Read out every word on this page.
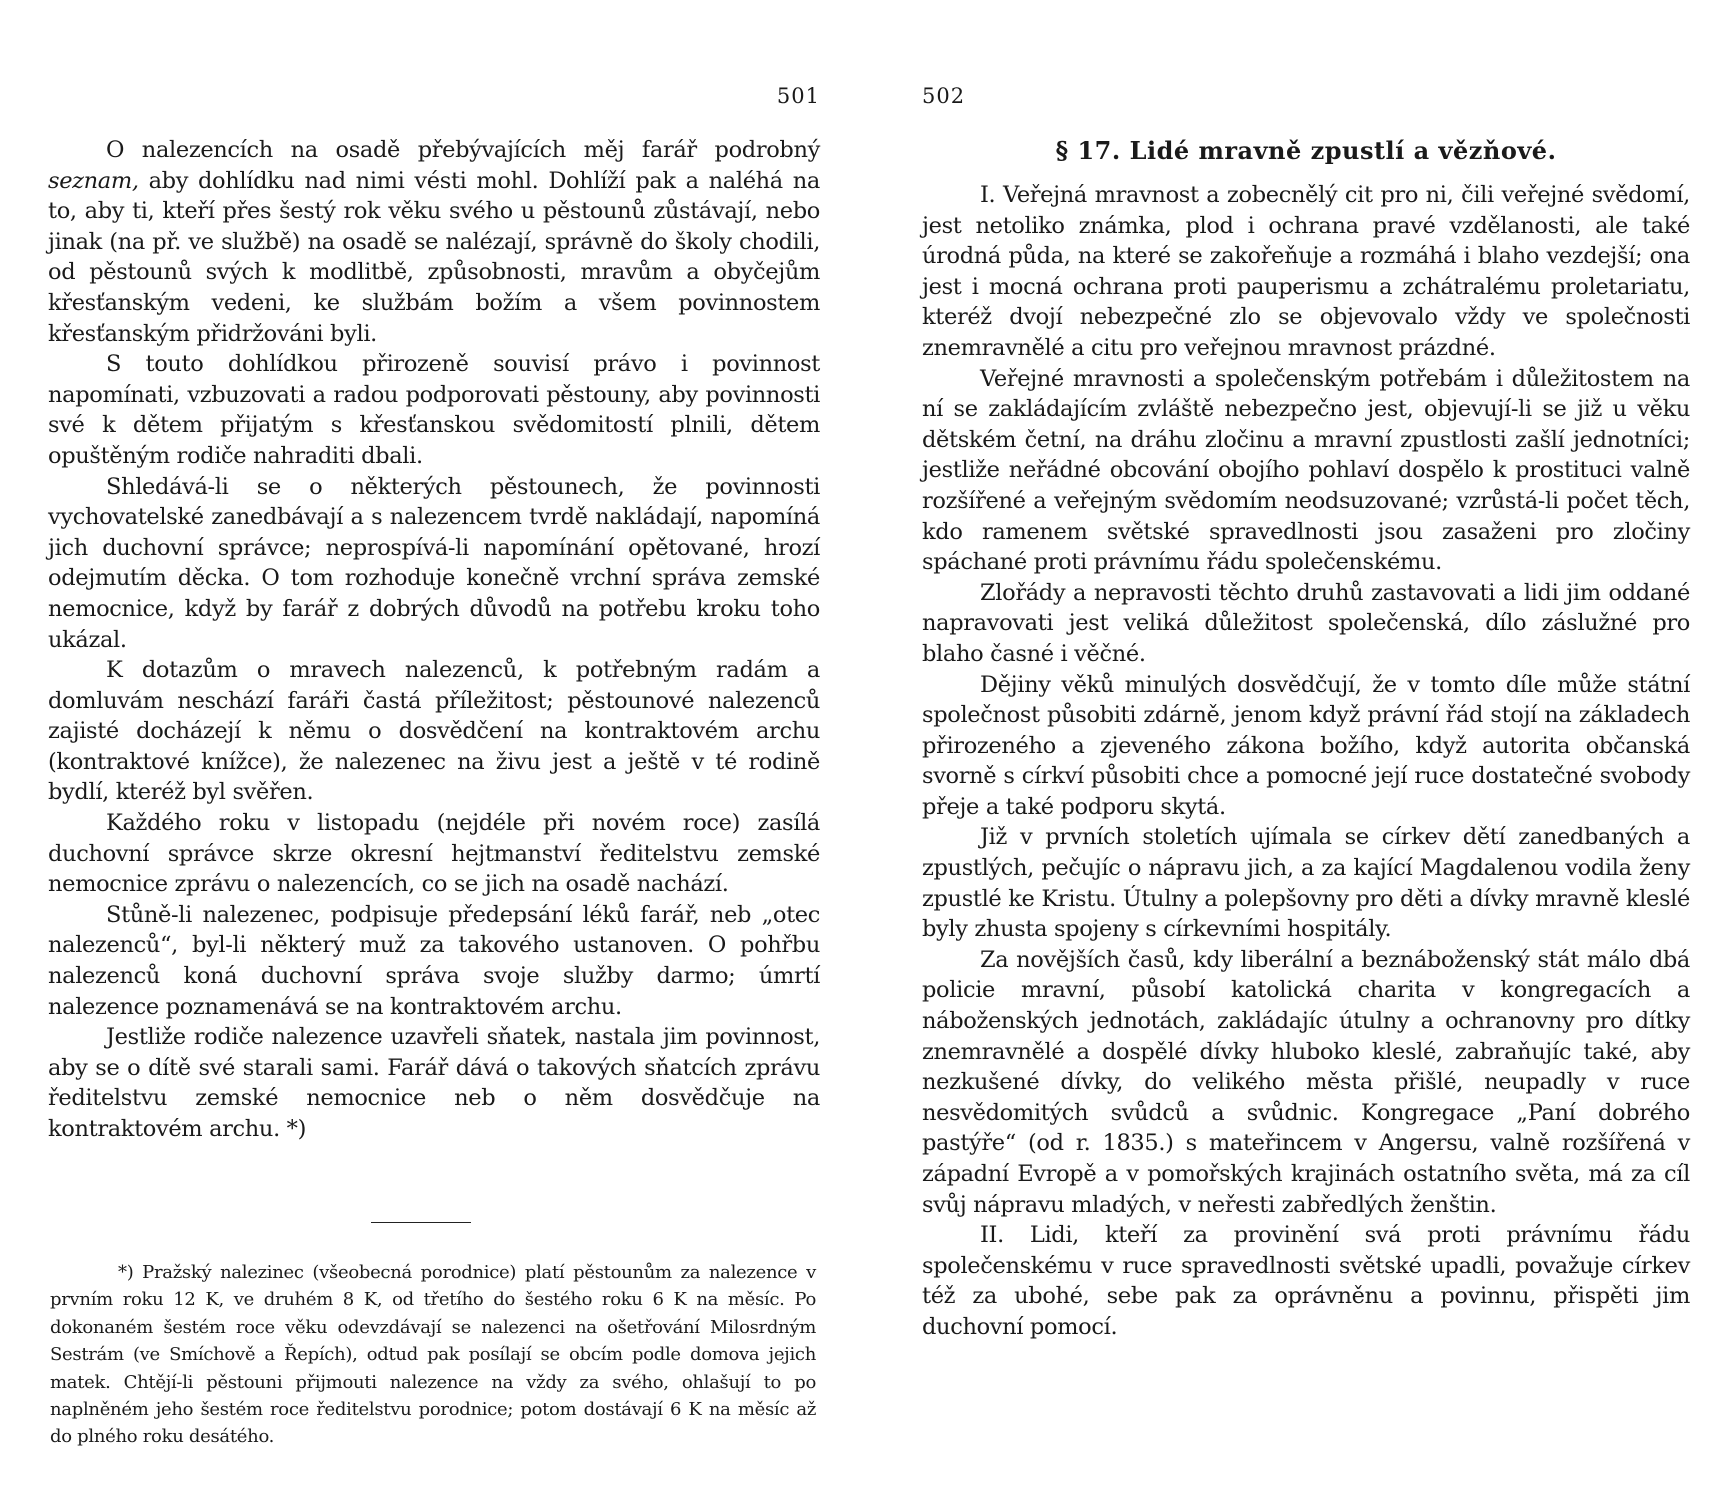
501

O nalezencích na osadě přebývajících měj farář podrobný seznam, aby dohlídku nad nimi vésti mohl. Dohlíží pak a naléhá na to, aby ti, kteří přes šestý rok věku svého u pěstounů zůstávají, nebo jinak (na př. ve službě) na osadě se nalézají, správně do školy chodili, od pěstounů svých k modlitbě, způsobnosti, mravům a obyčejům křesťanským vedeni, ke službám božím a všem povinnostem křesťanským přidržováni byli.

S touto dohlídkou přirozeně souvisí právo i povinnost napomínati, vzbuzovati a radou podporovati pěstouny, aby povinnosti své k dětem přijatým s křesťanskou svědomitostí plnili, dětem opuštěným rodiče nahraditi dbali.

Shledává-li se o některých pěstounech, že povinnosti vychovatelské zanedbávají a s nalezencem tvrdě nakládají, napomíná jich duchovní správce; neprospívá-li napomínání opětované, hrozí odejmutím děcka. O tom rozhoduje konečně vrchní správa zemské nemocnice, když by farář z dobrých důvodů na potřebu kroku toho ukázal.

K dotazům o mravech nalezenců, k potřebným radám a domluvám neschází faráři častá příležitost; pěstounové nalezenců zajisté docházejí k němu o dosvědčení na kontraktovém archu (kontraktové knížce), že nalezenec na živu jest a ještě v té rodině bydlí, kteréž byl svěřen.

Každého roku v listopadu (nejdéle při novém roce) zasílá duchovní správce skrze okresní hejtmanství ředitelstvu zemské nemocnice zprávu o nalezencích, co se jich na osadě nachází.

Stůně-li nalezenec, podpisuje předepsání léků farář, neb „otec nalezenců“, byl-li některý muž za takového ustanoven. O pohřbu nalezenců koná duchovní správa svoje služby darmo; úmrtí nalezence poznamenává se na kontraktovém archu.

Jestliže rodiče nalezence uzavřeli sňatek, nastala jim povinnost, aby se o dítě své starali sami. Farář dává o takových sňatcích zprávu ředitelstvu zemské nemocnice neb o něm dosvědčuje na kontraktovém archu. *)

*) Pražský nalezinec (všeobecná porodnice) platí pěstounům za nalezence v prvním roku 12 K, ve druhém 8 K, od třetího do šestého roku 6 K na měsíc. Po dokonaném šestém roce věku odevzdávají se nalezenci na ošetřování Milosrdným Sestrám (ve Smíchově a Řepích), odtud pak posílají se obcím podle domova jejich matek. Chtějí-li pěstouni přijmouti nalezence na vždy za svého, ohlašují to po naplněném jeho šestém roce ředitelstvu porodnice; potom dostávají 6 K na měsíc až do plného roku desátého.

502
§ 17. Lidé mravně zpustlí a vězňové.

I. Veřejná mravnost a zobecnělý cit pro ni, čili veřejné svědomí, jest netoliko známka, plod i ochrana pravé vzdělanosti, ale také úrodná půda, na které se zakořeňuje a rozmáhá i blaho vezdejší; ona jest i mocná ochrana proti pauperismu a zchátralému proletariatu, kteréž dvojí nebezpečné zlo se objevovalo vždy ve společnosti znemravnělé a citu pro veřejnou mravnost prázdné.

Veřejné mravnosti a společenským potřebám i důležitostem na ní se zakládajícím zvláště nebezpečno jest, objevují-li se již u věku dětském četní, na dráhu zločinu a mravní zpustlosti zašlí jednotníci; jestliže neřádné obcování obojího pohlaví dospělo k prostituci valně rozšířené a veřejným svědomím neodsuzované; vzrůstá-li počet těch, kdo ramenem světské spravedlnosti jsou zasaženi pro zločiny spáchané proti právnímu řádu společenskému.

Zlořády a nepravosti těchto druhů zastavovati a lidi jim oddané napravovati jest veliká důležitost společenská, dílo záslužné pro blaho časné i věčné.

Dějiny věků minulých dosvědčují, že v tomto díle může státní společnost působiti zdárně, jenom když právní řád stojí na základech přirozeného a zjeveného zákona božího, když autorita občanská svorně s církví působiti chce a pomocné její ruce dostatečné svobody přeje a také podporu skytá.

Již v prvních stoletích ujímala se církev dětí zanedbaných a zpustlých, pečujíc o nápravu jich, a za kající Magdalenou vodila ženy zpustlé ke Kristu. Útulny a polepšovny pro děti a dívky mravně kleslé byly zhusta spojeny s církevními hospitály.

Za novějších časů, kdy liberální a beznáboženský stát málo dbá policie mravní, působí katolická charita v kongregacích a náboženských jednotách, zakládajíc útulny a ochranovny pro dítky znemravnělé a dospělé dívky hluboko kleslé, zabraňujíc také, aby nezkušené dívky, do velikého města přišlé, neupadly v ruce nesvědomitých svůdců a svůdnic. Kongregace „Paní dobrého pastýře“ (od r. 1835.) s mateřincem v Angersu, valně rozšířená v západní Evropě a v pomořských krajinách ostatního světa, má za cíl svůj nápravu mladých, v neřesti zabředlých ženštin.

II. Lidi, kteří za provinění svá proti právnímu řádu společenskému v ruce spravedlnosti světské upadli, považuje církev též za ubohé, sebe pak za oprávněnu a povinnu, přispěti jim duchovní pomocí.
